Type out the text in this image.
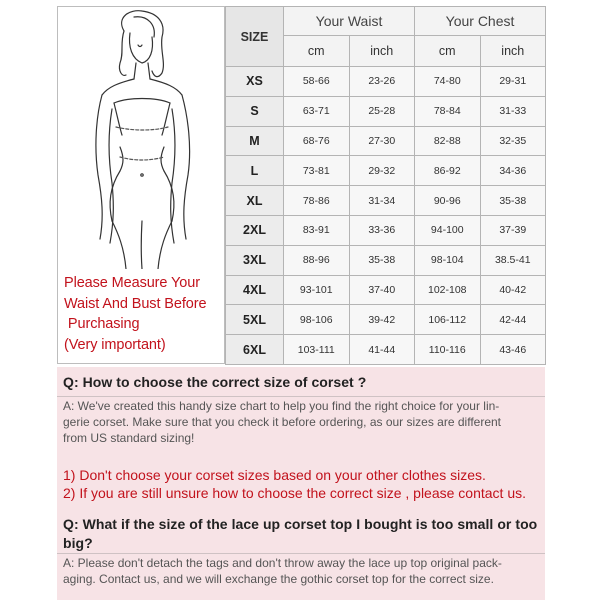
Please Measure Your
Waist And Bust Before
Purchasing
(Very important)
SIZE	Your Waist		Your Chest	
	cm	inch	cm	inch
XS	58-66	23-26	74-80	29-31
S	63-71	25-28	78-84	31-33
M	68-76	27-30	82-88	32-35
L	73-81	29-32	86-92	34-36
XL	78-86	31-34	90-96	35-38
2XL	83-91	33-36	94-100	37-39
3XL	88-96	35-38	98-104	38.5-41
4XL	93-101	37-40	102-108	40-42
5XL	98-106	39-42	106-112	42-44
6XL	103-111	41-44	110-116	43-46
Q: How to choose the correct size of corset ?
A: We've created this handy size chart to help you find the right choice for your lin-
gerie corset. Make sure that you check it before ordering, as our sizes are different
from US standard sizing!
1) Don't choose your corset sizes based on your other clothes sizes.
2) If you are still unsure how to choose the correct size , please contact us.
Q: What if the size of the lace up corset top I bought is too small or too
big?
A: Please don't detach the tags and don't throw away the lace up top original pack-
aging. Contact us, and we will exchange the gothic corset top for the correct size.
